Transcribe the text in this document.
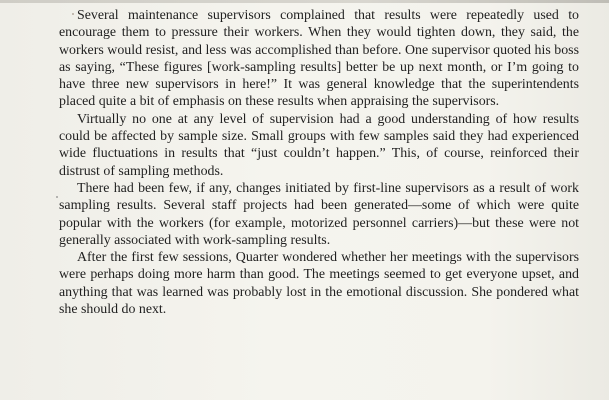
Several maintenance supervisors complained that results were repeatedly used to encourage them to pressure their workers. When they would tighten down, they said, the workers would resist, and less was accomplished than before. One supervisor quoted his boss as saying, “These figures [work-sampling results] better be up next month, or I’m going to have three new supervisors in here!” It was general knowledge that the superintendents placed quite a bit of emphasis on these results when appraising the supervisors.

Virtually no one at any level of supervision had a good understanding of how results could be affected by sample size. Small groups with few samples said they had experienced wide fluctuations in results that “just couldn’t happen.” This, of course, reinforced their distrust of sampling methods.

There had been few, if any, changes initiated by first-line supervisors as a result of work sampling results. Several staff projects had been generated—some of which were quite popular with the workers (for example, motorized personnel carriers)—but these were not generally associated with work-sampling results.

After the first few sessions, Quarter wondered whether her meetings with the supervisors were perhaps doing more harm than good. The meetings seemed to get everyone upset, and anything that was learned was probably lost in the emotional discussion. She pondered what she should do next.
